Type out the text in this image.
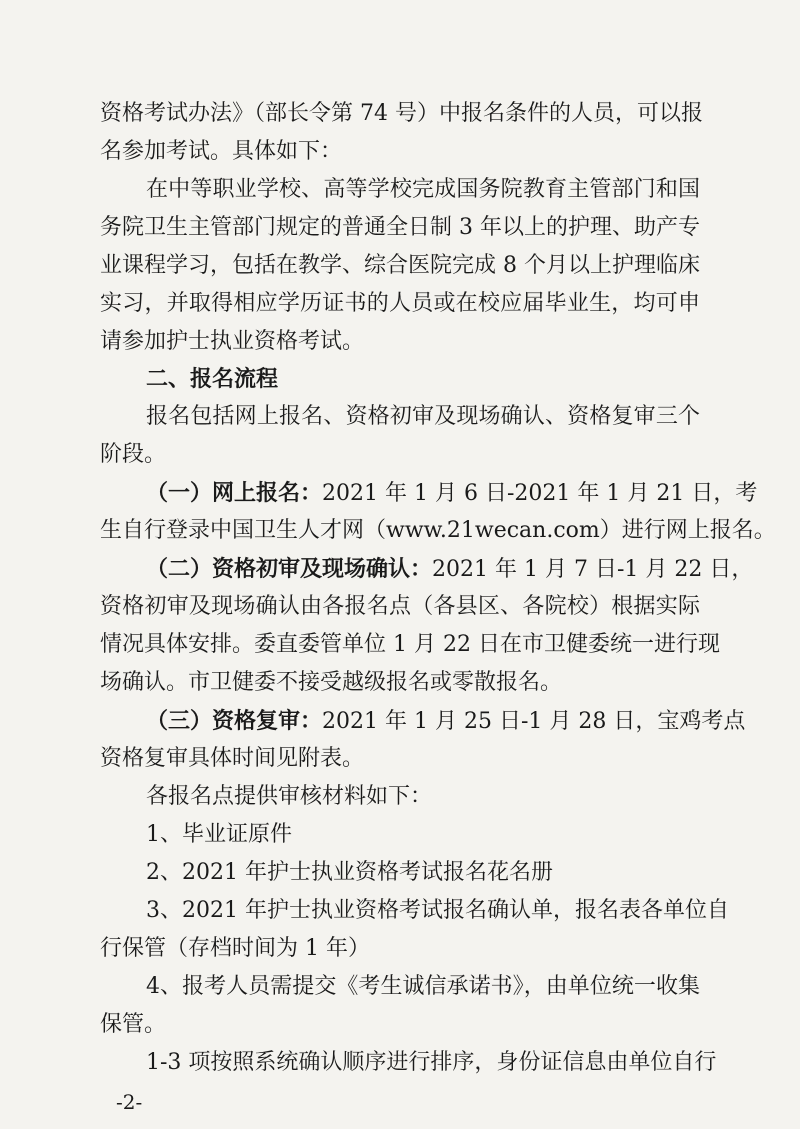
资格考试办法》（部长令第 74 号）中报名条件的人员，可以报
名参加考试。具体如下：
在中等职业学校、高等学校完成国务院教育主管部门和国
务院卫生主管部门规定的普通全日制 3 年以上的护理、助产专
业课程学习，包括在教学、综合医院完成 8 个月以上护理临床
实习，并取得相应学历证书的人员或在校应届毕业生，均可申
请参加护士执业资格考试。
二、报名流程
报名包括网上报名、资格初审及现场确认、资格复审三个
阶段。
（一）网上报名：2021 年 1 月 6 日-2021 年 1 月 21 日，考
生自行登录中国卫生人才网（www.21wecan.com）进行网上报名。
（二）资格初审及现场确认：2021 年 1 月 7 日-1 月 22 日，
资格初审及现场确认由各报名点（各县区、各院校）根据实际
情况具体安排。委直委管单位 1 月 22 日在市卫健委统一进行现
场确认。市卫健委不接受越级报名或零散报名。
（三）资格复审：2021 年 1 月 25 日-1 月 28 日，宝鸡考点
资格复审具体时间见附表。
各报名点提供审核材料如下：
1、毕业证原件
2、2021 年护士执业资格考试报名花名册
3、2021 年护士执业资格考试报名确认单，报名表各单位自
行保管（存档时间为 1 年）
4、报考人员需提交《考生诚信承诺书》，由单位统一收集
保管。
1-3 项按照系统确认顺序进行排序，身份证信息由单位自行
-2-
